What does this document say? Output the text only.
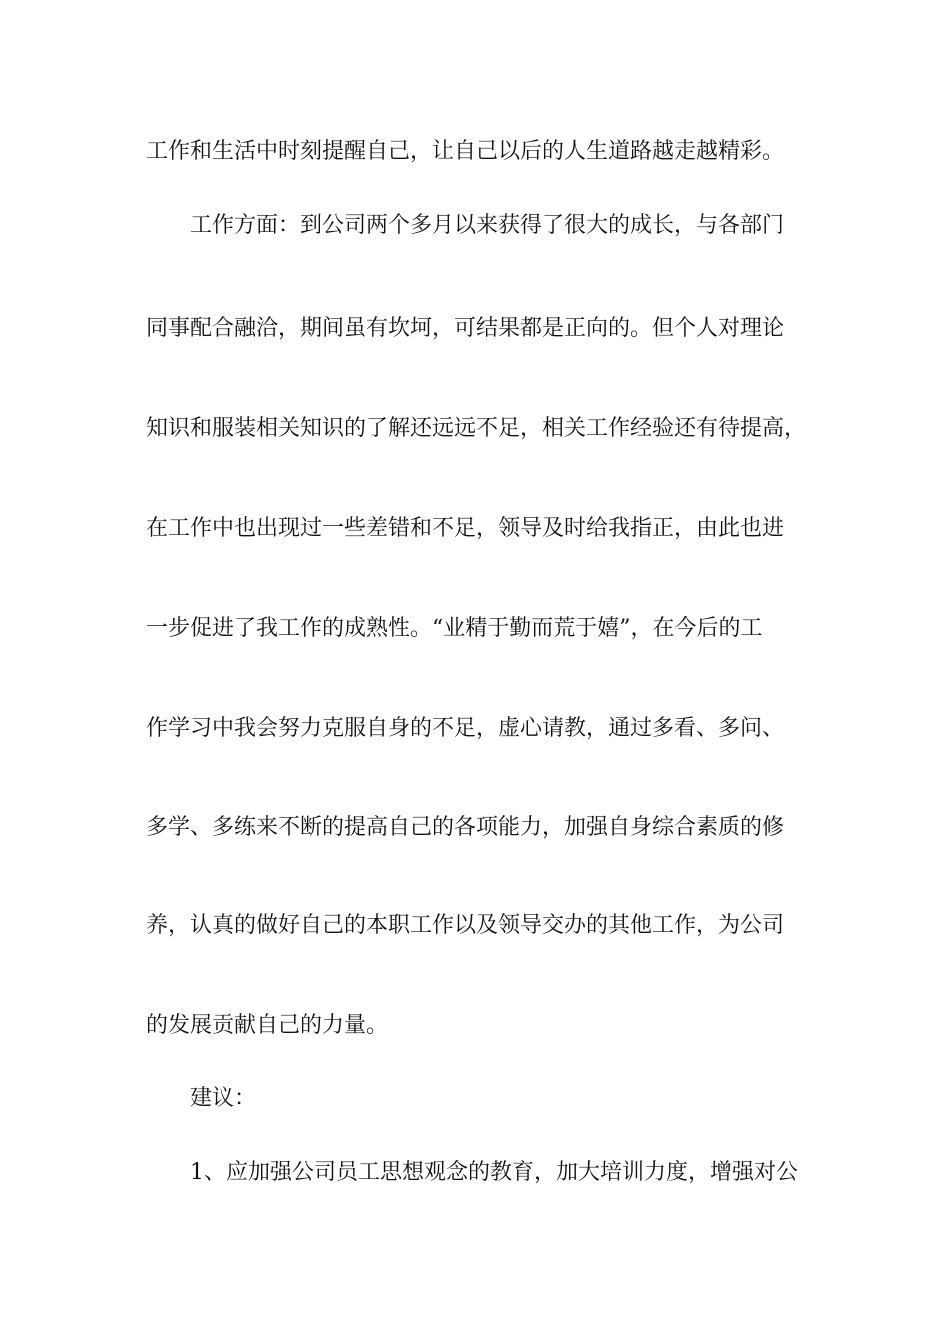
工作和生活中时刻提醒自己，让自己以后的人生道路越走越精彩。

工作方面：到公司两个多月以来获得了很大的成长，与各部门

同事配合融洽，期间虽有坎坷，可结果都是正向的。但个人对理论

知识和服装相关知识的了解还远远不足，相关工作经验还有待提高，

在工作中也出现过一些差错和不足，领导及时给我指正，由此也进

一步促进了我工作的成熟性。“业精于勤而荒于嬉”，在今后的工

作学习中我会努力克服自身的不足，虚心请教，通过多看、多问、

多学、多练来不断的提高自己的各项能力，加强自身综合素质的修

养，认真的做好自己的本职工作以及领导交办的其他工作，为公司

的发展贡献自己的力量。

建议：

1、应加强公司员工思想观念的教育，加大培训力度，增强对公
